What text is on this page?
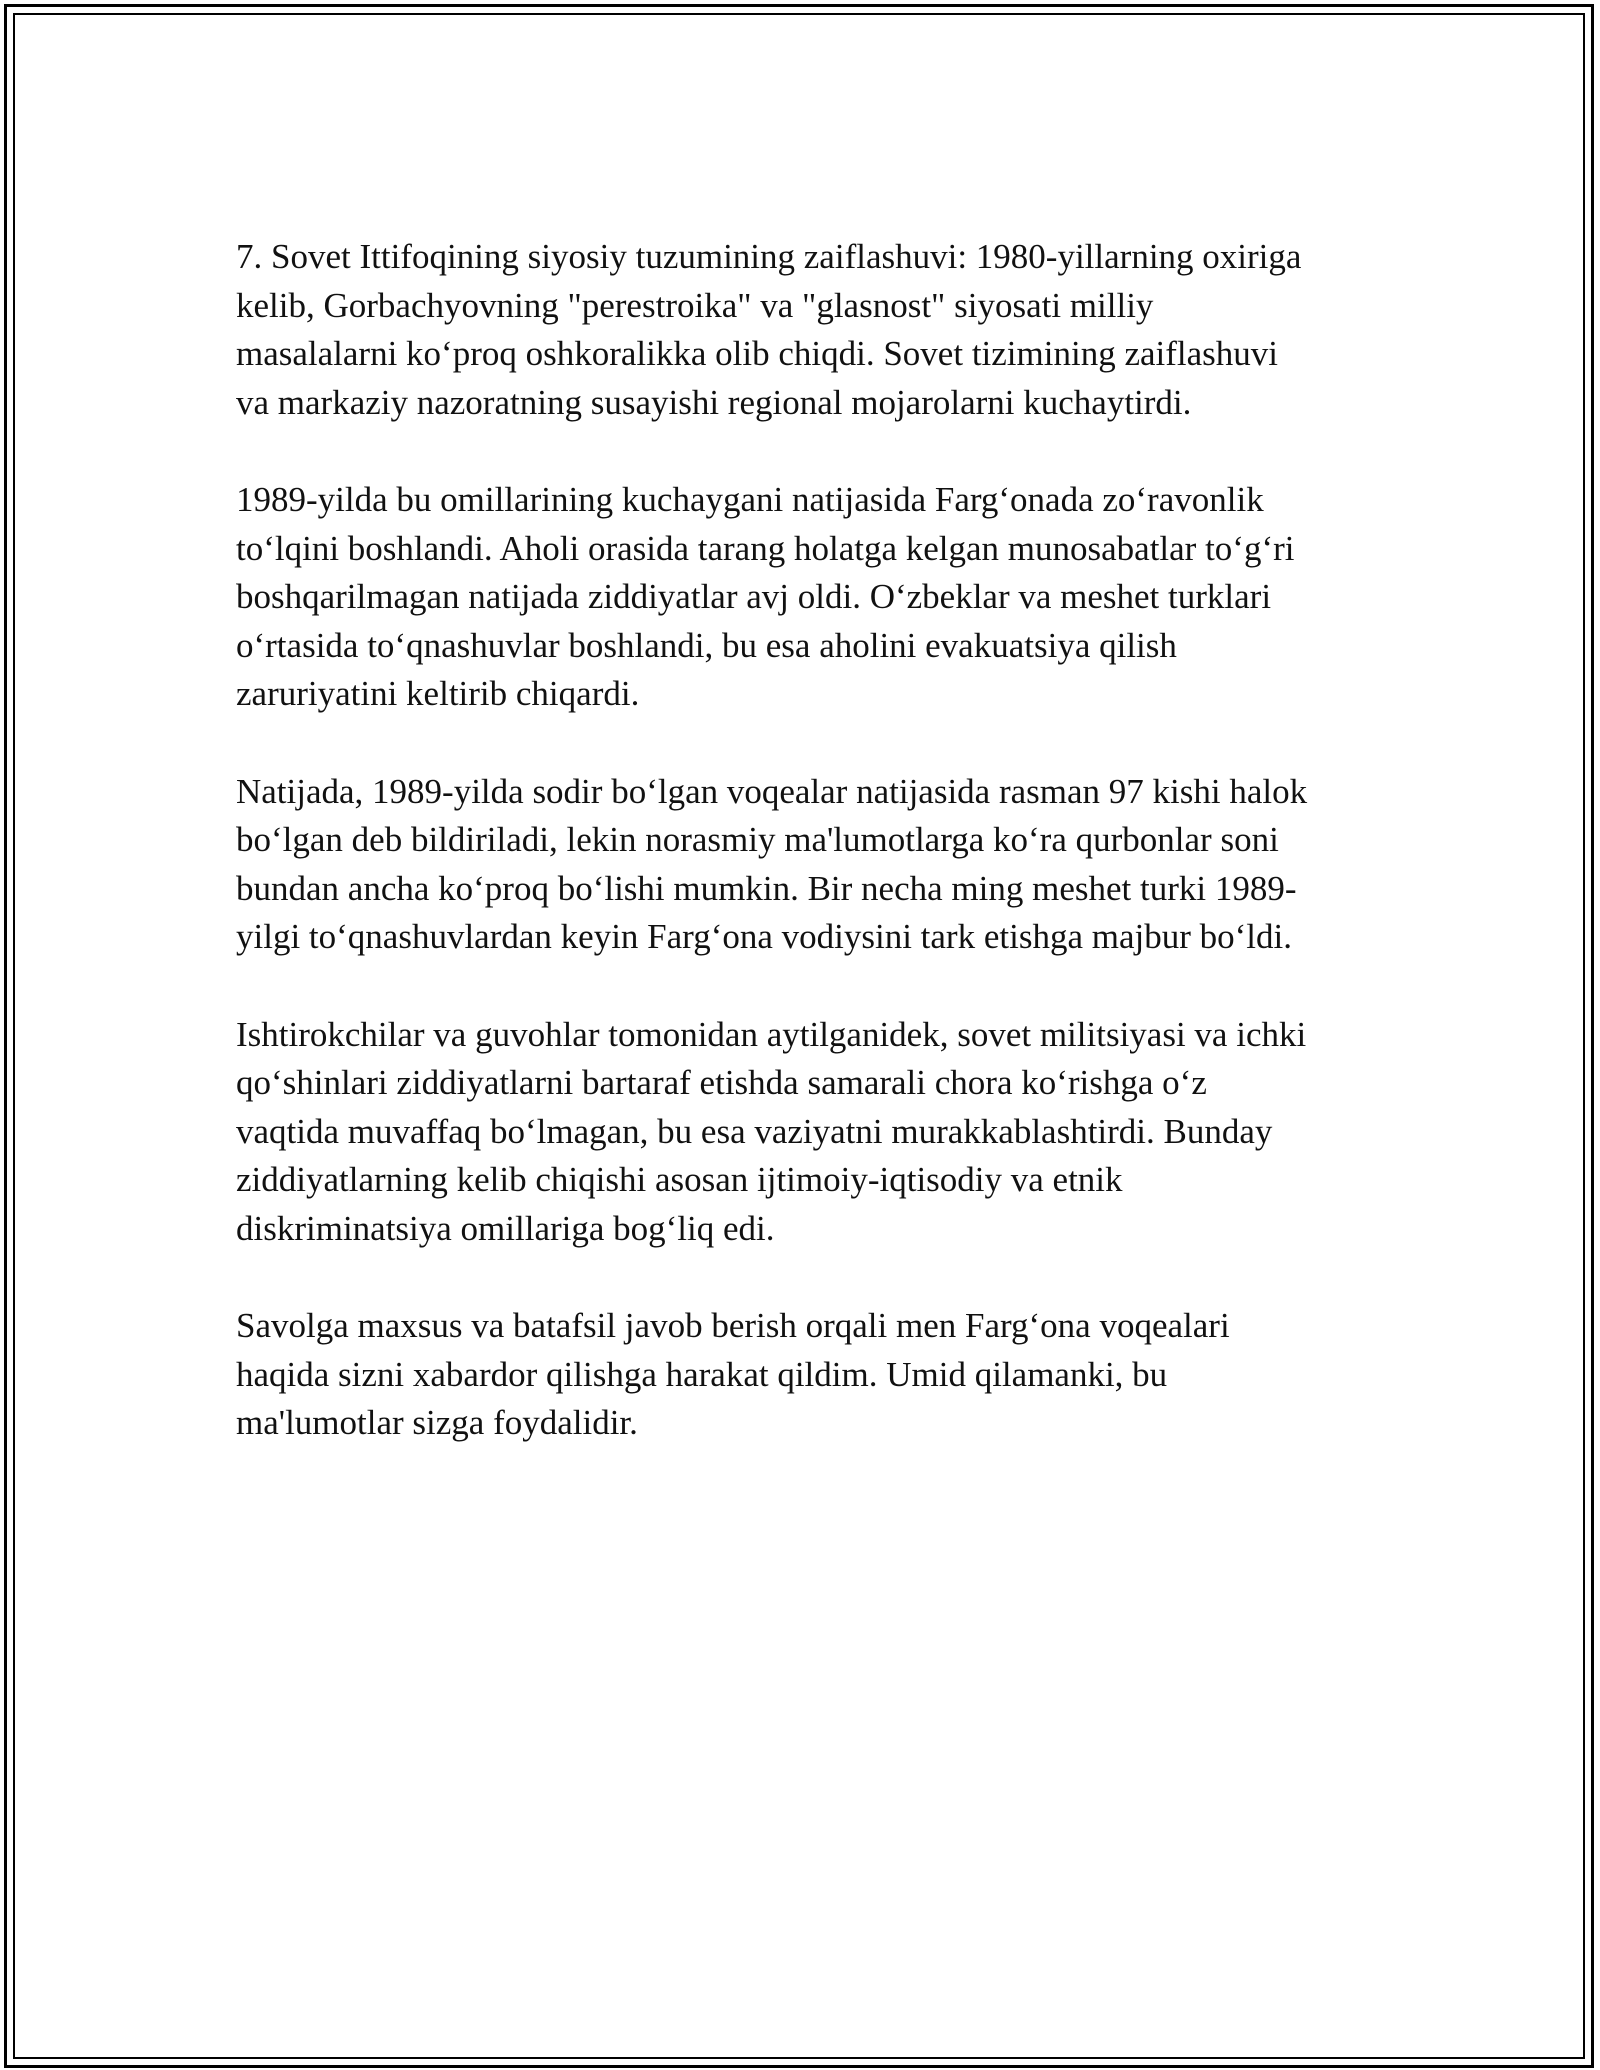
7. Sovet Ittifoqining siyosiy tuzumining zaiflashuvi: 1980-yillarning oxiriga
kelib, Gorbachyovning "perestroika" va "glasnost" siyosati milliy
masalalarni ko‘proq oshkoralikka olib chiqdi. Sovet tizimining zaiflashuvi
va markaziy nazoratning susayishi regional mojarolarni kuchaytirdi.

1989-yilda bu omillarining kuchaygani natijasida Farg‘onada zo‘ravonlik
to‘lqini boshlandi. Aholi orasida tarang holatga kelgan munosabatlar to‘g‘ri
boshqarilmagan natijada ziddiyatlar avj oldi. O‘zbeklar va meshet turklari
o‘rtasida to‘qnashuvlar boshlandi, bu esa aholini evakuatsiya qilish
zaruriyatini keltirib chiqardi.

Natijada, 1989-yilda sodir bo‘lgan voqealar natijasida rasman 97 kishi halok
bo‘lgan deb bildiriladi, lekin norasmiy ma'lumotlarga ko‘ra qurbonlar soni
bundan ancha ko‘proq bo‘lishi mumkin. Bir necha ming meshet turki 1989-
yilgi to‘qnashuvlardan keyin Farg‘ona vodiysini tark etishga majbur bo‘ldi.

Ishtirokchilar va guvohlar tomonidan aytilganidek, sovet militsiyasi va ichki
qo‘shinlari ziddiyatlarni bartaraf etishda samarali chora ko‘rishga o‘z
vaqtida muvaffaq bo‘lmagan, bu esa vaziyatni murakkablashtirdi. Bunday
ziddiyatlarning kelib chiqishi asosan ijtimoiy-iqtisodiy va etnik
diskriminatsiya omillariga bog‘liq edi.

Savolga maxsus va batafsil javob berish orqali men Farg‘ona voqealari
haqida sizni xabardor qilishga harakat qildim. Umid qilamanki, bu
ma'lumotlar sizga foydalidir.
